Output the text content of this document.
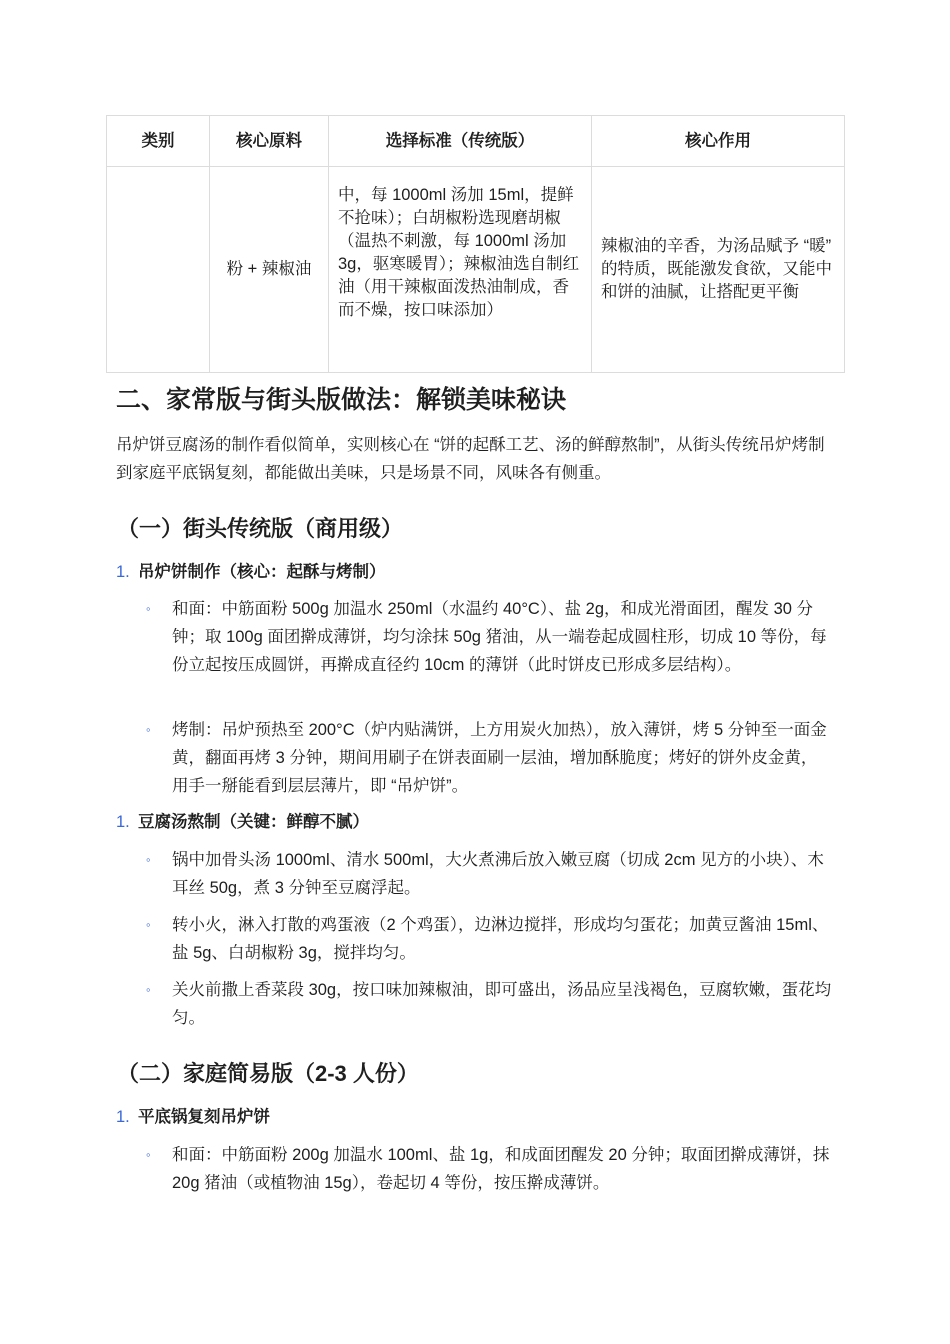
类别	核心原料	选择标准（传统版）	核心作用
	粉 + 辣椒油	中，每 1000ml 汤加 15ml，提鲜不抢味）；白胡椒粉选现磨胡椒（温热不刺激，每 1000ml 汤加 3g，驱寒暖胃）；辣椒油选自制红油（用干辣椒面泼热油制成，香而不燥，按口味添加）	辣椒油的辛香，为汤品赋予 “暖” 的特质，既能激发食欲，又能中和饼的油腻，让搭配更平衡
二、家常版与街头版做法：解锁美味秘诀

吊炉饼豆腐汤的制作看似简单，实则核心在 “饼的起酥工艺、汤的鲜醇熬制”，从街头传统吊炉烤制到家庭平底锅复刻，都能做出美味，只是场景不同，风味各有侧重。

（一）街头传统版（商用级）

1. 吊炉饼制作（核心：起酥与烤制）

◦	和面：中筋面粉 500g 加温水 250ml（水温约 40°C）、盐 2g，和成光滑面团，醒发 30 分钟；取 100g 面团擀成薄饼，均匀涂抹 50g 猪油，从一端卷起成圆柱形，切成 10 等份，每份立起按压成圆饼，再擀成直径约 10cm 的薄饼（此时饼皮已形成多层结构）。

◦	烤制：吊炉预热至 200°C（炉内贴满饼，上方用炭火加热），放入薄饼，烤 5 分钟至一面金黄，翻面再烤 3 分钟，期间用刷子在饼表面刷一层油，增加酥脆度；烤好的饼外皮金黄，用手一掰能看到层层薄片，即 “吊炉饼”。

1. 豆腐汤熬制（关键：鲜醇不腻）

◦	锅中加骨头汤 1000ml、清水 500ml，大火煮沸后放入嫩豆腐（切成 2cm 见方的小块）、木耳丝 50g，煮 3 分钟至豆腐浮起。

◦	转小火，淋入打散的鸡蛋液（2 个鸡蛋），边淋边搅拌，形成均匀蛋花；加黄豆酱油 15ml、盐 5g、白胡椒粉 3g，搅拌均匀。

◦	关火前撒上香菜段 30g，按口味加辣椒油，即可盛出，汤品应呈浅褐色，豆腐软嫩，蛋花均匀。

（二）家庭简易版（2-3 人份）

1. 平底锅复刻吊炉饼

◦	和面：中筋面粉 200g 加温水 100ml、盐 1g，和成面团醒发 20 分钟；取面团擀成薄饼，抹 20g 猪油（或植物油 15g），卷起切 4 等份，按压擀成薄饼。
